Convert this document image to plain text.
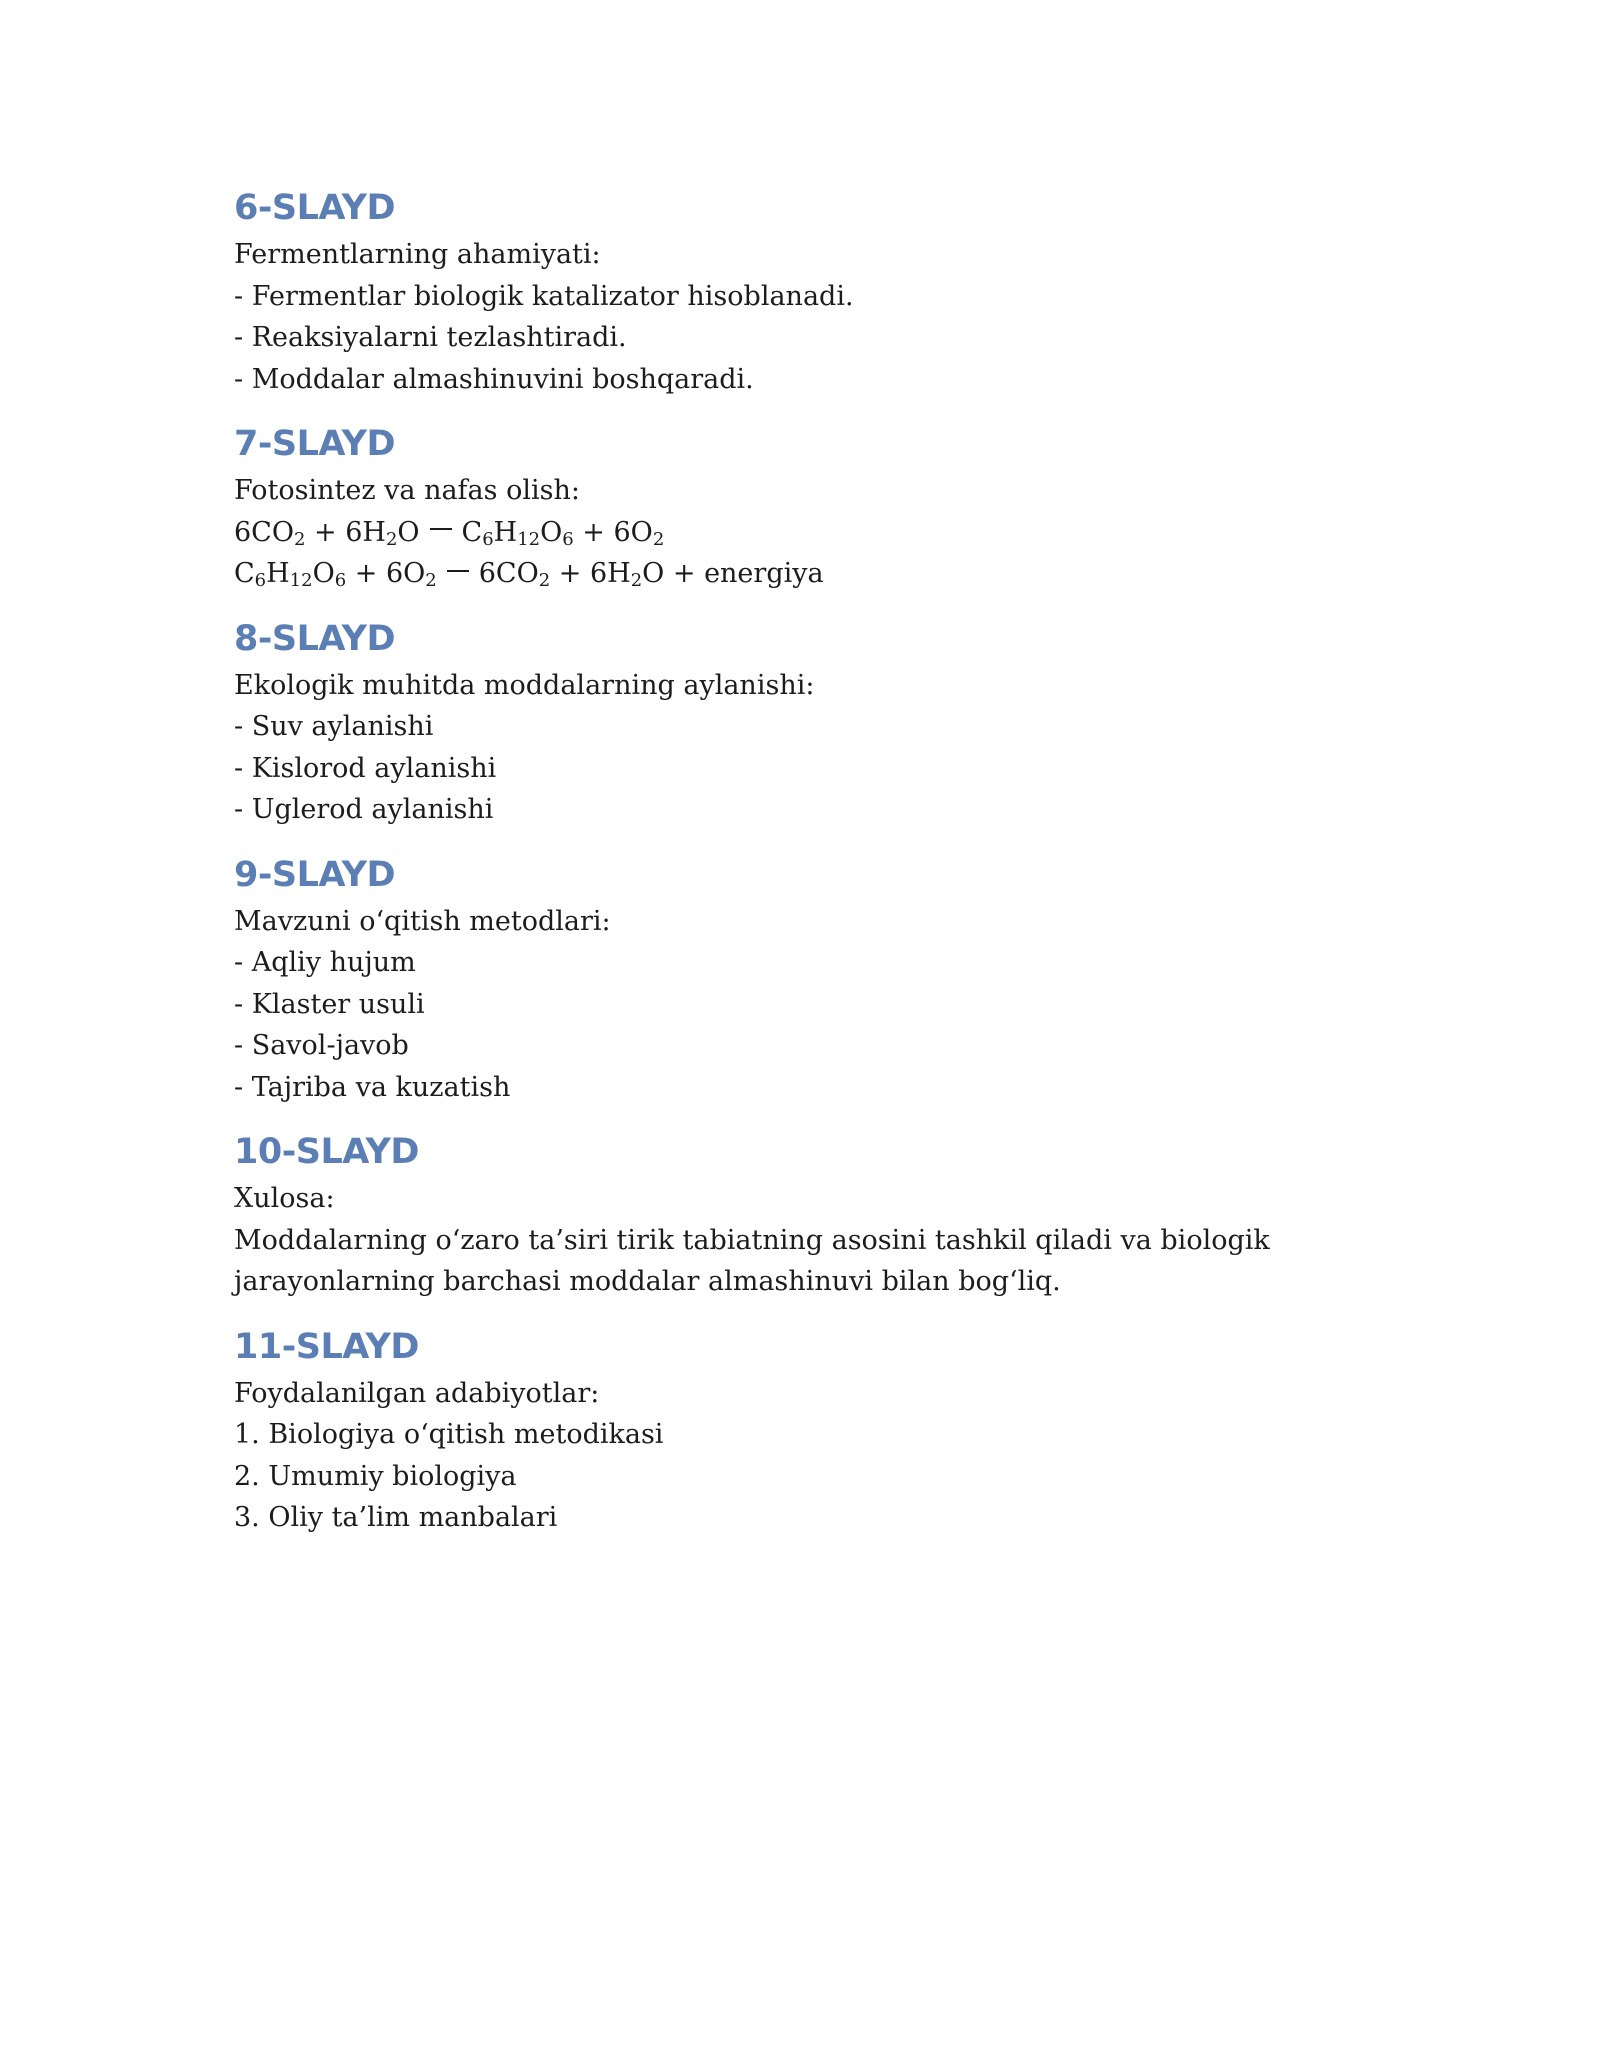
6-SLAYD

Fermentlarning ahamiyati:

- Fermentlar biologik katalizator hisoblanadi.

- Reaksiyalarni tezlashtiradi.

- Moddalar almashinuvini boshqaradi.

7-SLAYD

Fotosintez va nafas olish:

$6CO_2 + 6H_2O$ $C_6H_{12}O_6 + 6O_2$

$C_6H_{12}O_6 + 6O_2$ $6CO_2 + 6H_2O$ + energiya

8-SLAYD

Ekologik muhitda moddalarning aylanishi:

- Suv aylanishi

- Kislorod aylanishi

- Uglerod aylanishi

9-SLAYD

Mavzuni o‘qitish metodlari:

- Aqliy hujum

- Klaster usuli

- Savol-javob

- Tajriba va kuzatish

10-SLAYD

Xulosa:

Moddalarning o‘zaro ta’siri tirik tabiatning asosini tashkil qiladi va biologik

jarayonlarning barchasi moddalar almashinuvi bilan bog‘liq.

11-SLAYD

Foydalanilgan adabiyotlar:

1. Biologiya o‘qitish metodikasi

2. Umumiy biologiya

3. Oliy ta’lim manbalari
